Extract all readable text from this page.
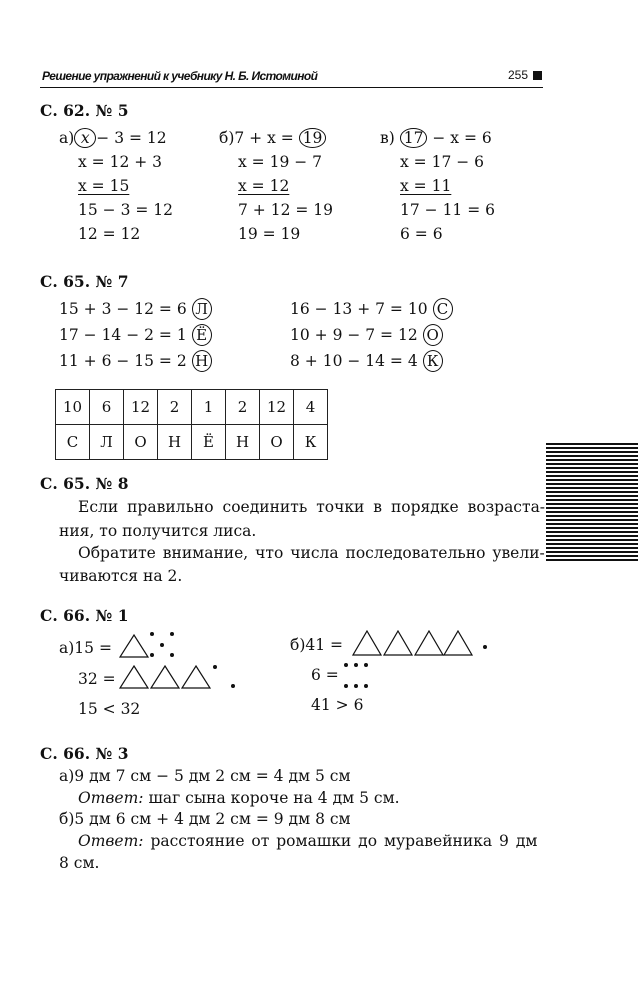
Решение упражнений к учебнику Н. Б. Истоминой	255
С. 62. № 5
а) x − 3 = 12
x = 12 + 3
x = 15
15 − 3 = 12
12 = 12
б)7 + x = 19
x = 19 − 7
x = 12
7 + 12 = 19
19 = 19
в) 17 − x = 6
x = 17 − 6
x = 11
17 − 11 = 6
6 = 6
С. 65. № 7
15 + 3 − 12 = 6 Л
17 − 14 − 2 = 1 Ё
11 + 6 − 15 = 2 Н
16 − 13 + 7 = 10 С
10 + 9 − 7 = 12 О
8 + 10 − 14 = 4 К
10	6	12	2	1	2	12	4
С	Л	О	Н	Ё	Н	О	К
С. 65. № 8
Если правильно соединить точки в порядке возраста-
ния, то получится лиса.
Обратите внимание, что числа последовательно увели-
чиваются на 2.
С. 66. № 1
а)15 =
32 =
15 < 32
б)41 =
6 =
41 > 6
С. 66. № 3
а)9 дм 7 см − 5 дм 2 см = 4 дм 5 см
Ответ: шаг сына короче на 4 дм 5 см.
б)5 дм 6 см + 4 дм 2 см = 9 дм 8 см
Ответ: расстояние от ромашки до муравейника 9 дм
8 см.
